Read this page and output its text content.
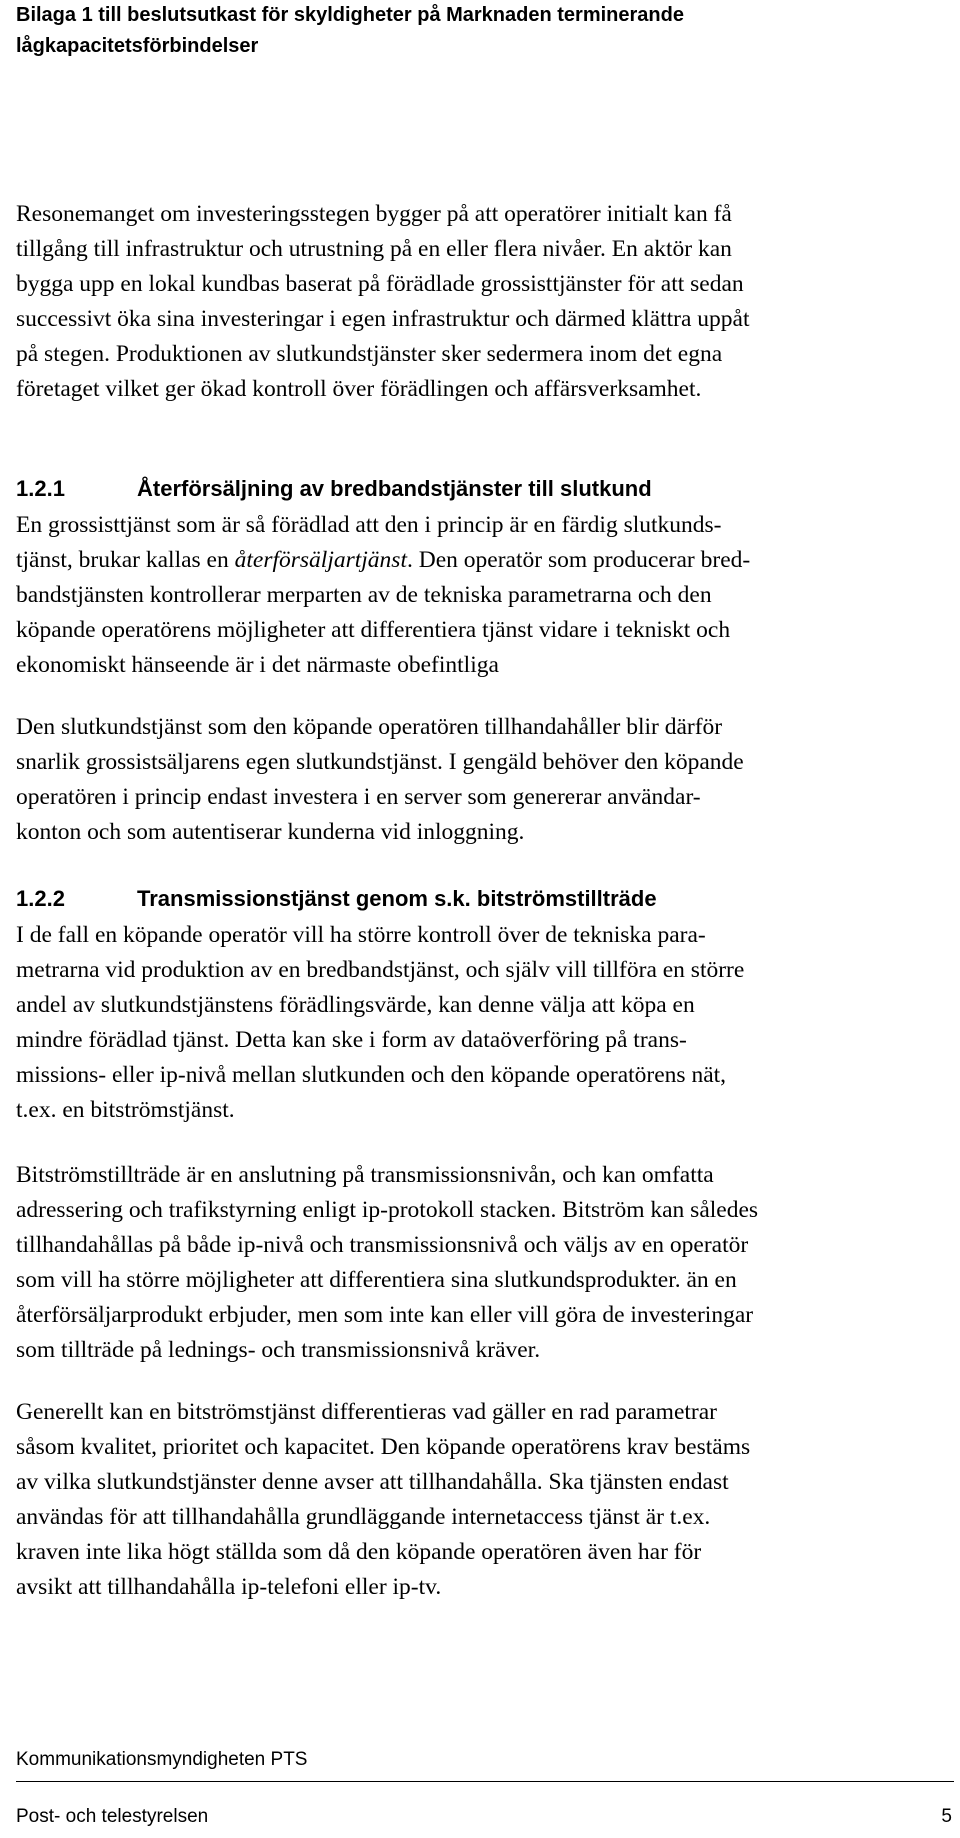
Bilaga 1 till beslutsutkast för skyldigheter på Marknaden terminerande
lågkapacitetsförbindelser
Resonemanget om investeringsstegen bygger på att operatörer initialt kan få
tillgång till infrastruktur och utrustning på en eller flera nivåer. En aktör kan
bygga upp en lokal kundbas baserat på förädlade grossisttjänster för att sedan
successivt öka sina investeringar i egen infrastruktur och därmed klättra uppåt
på stegen. Produktionen av slutkundstjänster sker sedermera inom det egna
företaget vilket ger ökad kontroll över förädlingen och affärsverksamhet.
1.2.1	Återförsäljning av bredbandstjänster till slutkund
En grossisttjänst som är så förädlad att den i princip är en färdig slutkunds-
tjänst, brukar kallas en återförsäljartjänst. Den operatör som producerar bred-
bandstjänsten kontrollerar merparten av de tekniska parametrarna och den
köpande operatörens möjligheter att differentiera tjänst vidare i tekniskt och
ekonomiskt hänseende är i det närmaste obefintliga
Den slutkundstjänst som den köpande operatören tillhandahåller blir därför
snarlik grossistsäljarens egen slutkundstjänst. I gengäld behöver den köpande
operatören i princip endast investera i en server som genererar användar-
konton och som autentiserar kunderna vid inloggning.
1.2.2	Transmissionstjänst genom s.k. bitströmstillträde
I de fall en köpande operatör vill ha större kontroll över de tekniska para-
metrarna vid produktion av en bredbandstjänst, och själv vill tillföra en större
andel av slutkundstjänstens förädlingsvärde, kan denne välja att köpa en
mindre förädlad tjänst. Detta kan ske i form av dataöverföring på trans-
missions- eller ip-nivå mellan slutkunden och den köpande operatörens nät,
t.ex. en bitströmstjänst.
Bitströmstillträde är en anslutning på transmissionsnivån, och kan omfatta
adressering och trafikstyrning enligt ip-protokoll stacken. Bitström kan således
tillhandahållas på både ip-nivå och transmissionsnivå och väljs av en operatör
som vill ha större möjligheter att differentiera sina slutkundsprodukter. än en
återförsäljarprodukt erbjuder, men som inte kan eller vill göra de investeringar
som tillträde på lednings- och transmissionsnivå kräver.
Generellt kan en bitströmstjänst differentieras vad gäller en rad parametrar
såsom kvalitet, prioritet och kapacitet. Den köpande operatörens krav bestäms
av vilka slutkundstjänster denne avser att tillhandahålla. Ska tjänsten endast
användas för att tillhandahålla grundläggande internetaccess tjänst är t.ex.
kraven inte lika högt ställda som då den köpande operatören även har för
avsikt att tillhandahålla ip-telefoni eller ip-tv.
Kommunikationsmyndigheten PTS
Post- och telestyrelsen	5
